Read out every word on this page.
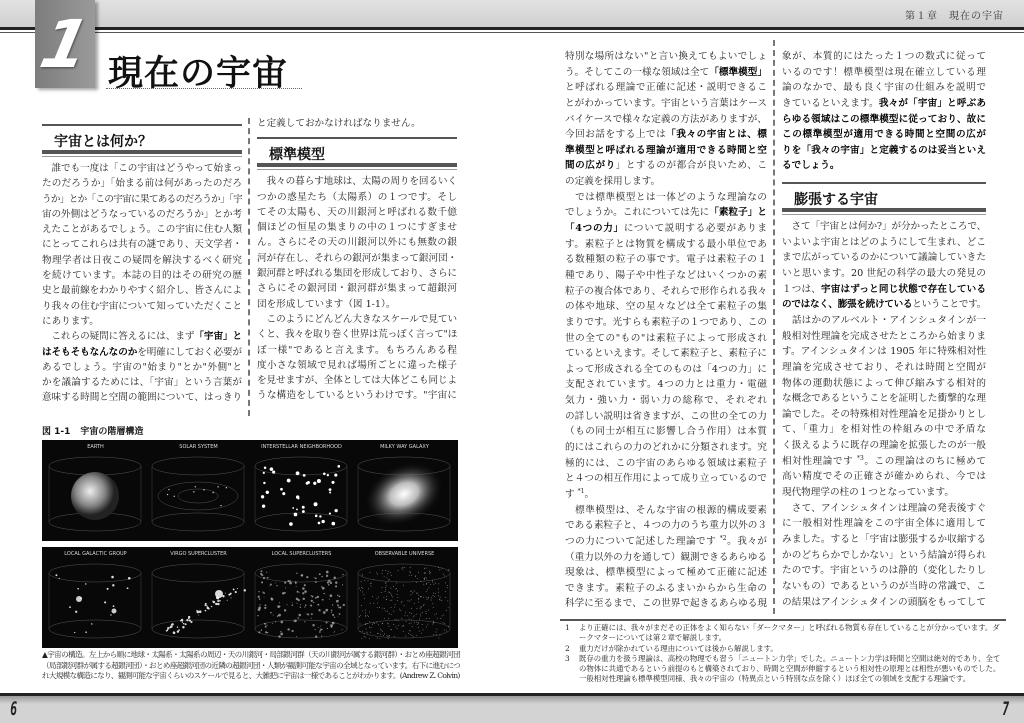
第１章　現在の宇宙
1 現在の宇宙
宇宙とは何か？
　誰でも一度は「この宇宙はどうやって始まっ
たのだろうか」「始まる前は何があったのだろ
うか」とか「この宇宙に果てあるのだろうか」「宇
宙の外側はどうなっているのだろうか」とか考
えたことがあるでしょう。この宇宙に住む人類
にとってこれらは共有の謎であり、天文学者・
物理学者は日夜この疑問を解決するべく研究
を続けています。本誌の目的はその研究の歴
史と最前線をわかりやすく紹介し、皆さんによ
り我々の住む宇宙について知っていただくこと
にあります。
　これらの疑問に答えるには、まず「宇宙」と
はそもそもなんなのかを明確にしておく必要が
あるでしょう。宇宙の"始まり"とか"外側"と
かを議論するためには、「宇宙」という言葉が
意味する時間と空間の範囲について、はっきり
と定義しておかなければなりません。
標準模型
　我々の暮らす地球は、太陽の周りを回るいく
つかの惑星たち（太陽系）の１つです。そし
てその太陽も、天の川銀河と呼ばれる数千億
個ほどの恒星の集まりの中の１つにすぎませ
ん。さらにその天の川銀河以外にも無数の銀
河が存在し、それらの銀河が集まって銀河団・
銀河群と呼ばれる集団を形成しており、さらに
さらにその銀河団・銀河群が集まって超銀河
団を形成しています（図 1-1）。
　このようにどんどん大きなスケールで見てい
くと、我々を取り巻く世界は荒っぽく言って"ほ
ぼ一様"であると言えます。もちろんある程
度小さな領域で見れば場所ごとに違った様子
を見せますが、全体としては大体どこも同じよ
うな構造をしているというわけです。"宇宙に
図 1-1 宇宙の階層構造
EARTH	SOLAR SYSTEM	INTERSTELLAR NEIGHBORHOOD	MILKY WAY GALAXY
LOCAL GALACTIC GROUP	VIRGO SUPERCLUSTER	LOCAL SUPERCLUSTERS	OBSERVABLE UNIVERSE
▲宇宙の構造。左上から順に地球・太陽系・太陽系の周辺・天の川銀河・局部銀河群（天の川銀河が属する銀河群）・おとめ座超銀河団（局部銀河群が属する超銀河団）・おとめ座超銀河団の近隣の超銀河団・人類が観測可能な宇宙の全域となっています。右下に進むにつれ大規模な構造になり、観測可能な宇宙くらいのスケールで見ると、大雑把に宇宙は一様であることがわかります。(Andrew Z. Colvin)
特別な場所はない"と言い換えてもよいでしょ
う。そしてこの一様な領域は全て「標準模型」
と呼ばれる理論で正確に記述・説明できるこ
とがわかっています。宇宙という言葉はケース
バイケースで様々な定義の方法がありますが、
今回お話をする上では「我々の宇宙とは、標
準模型と呼ばれる理論が適用できる時間と空
間の広がり」とするのが都合が良いため、こ
の定義を採用します。
　では標準模型とは一体どのような理論なの
でしょうか。これについては先に「素粒子」と
「4つの力」について説明する必要がありま
す。素粒子とは物質を構成する最小単位であ
る数種類の粒子の事です。電子は素粒子の１
種であり、陽子や中性子などはいくつかの素
粒子の複合体であり、それらで形作られる我々
の体や地球、空の星々などは全て素粒子の集
まりです。光すらも素粒子の１つであり、この
世の全ての"もの"は素粒子によって形成され
ているといえます。そして素粒子と、素粒子に
よって形成される全てのものは「4つの力」に
支配されています。4つの力とは重力・電磁
気力・強い力・弱い力の総称で、それぞれ
の詳しい説明は省きますが、この世の全ての力
（もの同士が相互に影響し合う作用）は本質
的にはこれらの力のどれかに分類されます。究
極的には、この宇宙のあらゆる領域は素粒子
と４つの相互作用によって成り立っているので
す $^{*1}$。
　標準模型は、そんな宇宙の根源的構成要素
である素粒子と、４つの力のうち重力以外の３
つの力について記述した理論です $^{*2}$。我々が
（重力以外の力を通して）観測できるあらゆる
現象は、標準模型によって極めて正確に記述
できます。素粒子のふるまいからから生命の
科学に至るまで、この世界で起きるあらゆる現
象が、本質的にはたった１つの数式に従って
いるのです！標準模型は現在確立している理
論のなかで、最も良く宇宙の仕組みを説明で
きているといえます。我々が「宇宙」と呼ぶあ
らゆる領域はこの標準模型に従っており、故に
この標準模型が適用できる時間と空間の広が
りを「我々の宇宙」と定義するのは妥当といえ
るでしょう。
膨張する宇宙
　さて「宇宙とは何か?」が分かったところで、
いよいよ宇宙とはどのようにして生まれ、どこ
まで広がっているのかについて議論していきた
いと思います。20 世紀の科学の最大の発見の
１つは、宇宙はずっと同じ状態で存在している
のではなく、膨張を続けているということです。
　話はかのアルベルト・アインシュタインが一
般相対性理論を完成させたところから始まりま
す。アインシュタインは 1905 年に特殊相対性
理論を完成させており、それは時間と空間が
物体の運動状態によって伸び縮みする相対的
な概念であるということを証明した衝撃的な理
論でした。その特殊相対性理論を足掛かりとし
て、「重力」を相対性の枠組みの中で矛盾な
く扱えるように既存の理論を拡張したのが一般
相対性理論です $^{*3}$。この理論はのちに極めて
高い精度でその正確さが確かめられ、今では
現代物理学の柱の１つとなっています。
　さて、アインシュタインは理論の発表後すぐ
に一般相対性理論をこの宇宙全体に適用して
みました。すると「宇宙は膨張するか収縮する
かのどちらかでしかない」という結論が得られ
たのです。宇宙というのは静的（変化したりし
ないもの）であるというのが当時の常識で、こ
の結果はアインシュタインの頭脳をもってして
1	より正確には、我々がまだその正体をよく知らない「ダークマター」と呼ばれる物質も存在していることが分かっています。ダークマターについては第２章で解説します。
2	重力だけが除かれている理由については後から解説します。
3	既存の重力を扱う理論は、高校の物理でも習う「ニュートン力学」でした。ニュートン力学は時間と空間は絶対的であり、全ての物体に共通であるという前提のもと構築されており、時間と空間が伸縮するという相対性の原理とは相性が悪いものでした。一般相対性理論も標準模型同様、我々の宇宙の（特異点という特別な点を除く）ほぼ全ての領域を支配する理論です。
6	7
